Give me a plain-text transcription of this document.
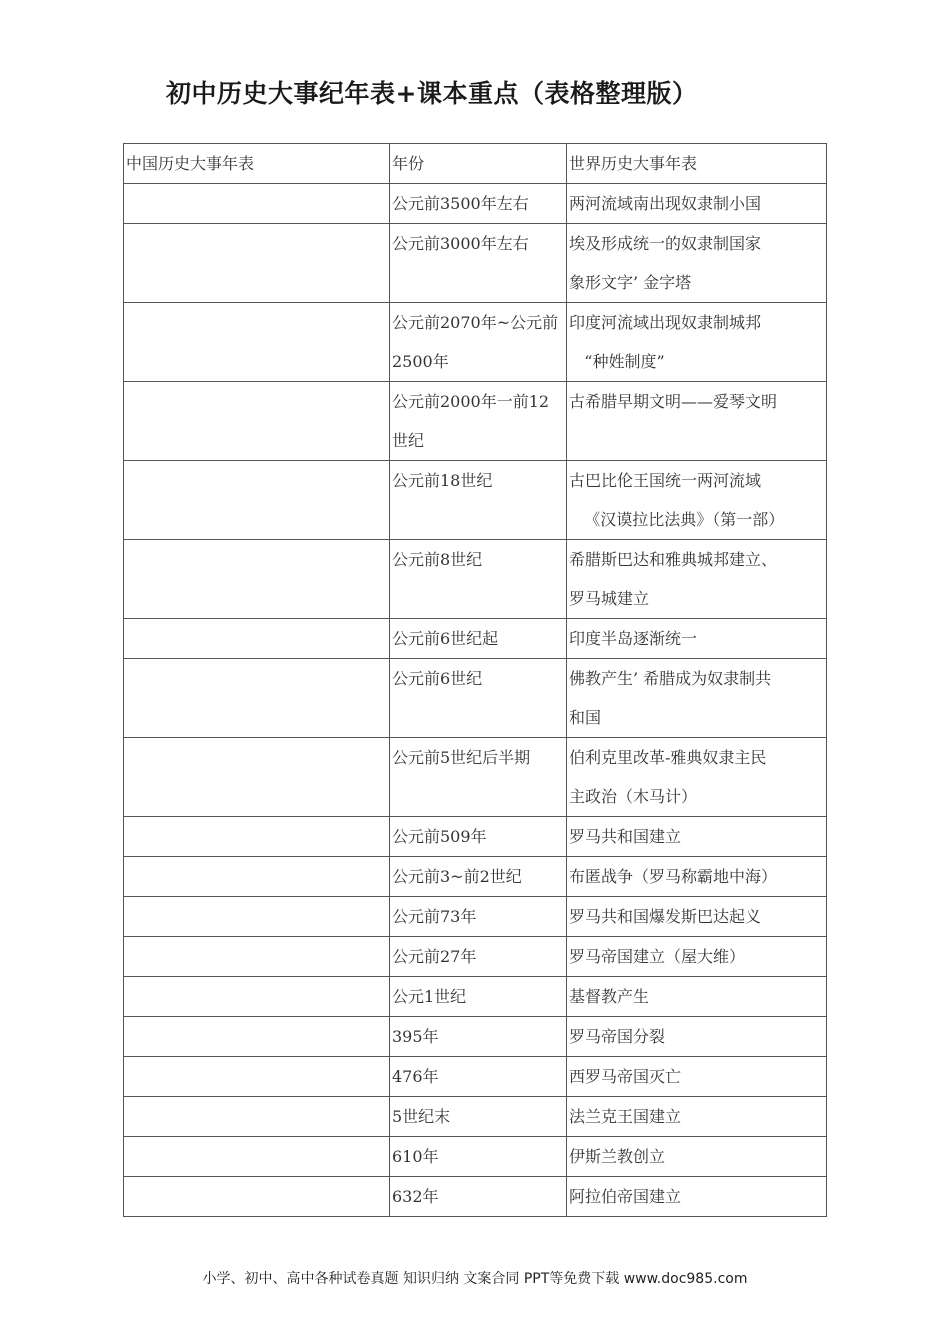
初中历史大事纪年表+课本重点（表格整理版）
中国历史大事年表	年份	世界历史大事年表

	公元前3500年左右	两河流域南出现奴隶制小国

	公元前3000年左右	埃及形成统一的奴隶制国家
象形文字’ 金字塔

	公元前2070年~公元前2500年	印度河流域出现奴隶制城邦
“种姓制度”

	公元前2000年一前12世纪	古希腊早期文明——爱琴文明

	公元前18世纪	古巴比伦王国统一两河流域
《汉谟拉比法典》（第一部）

	公元前8世纪	希腊斯巴达和雅典城邦建立、
罗马城建立

	公元前6世纪起	印度半岛逐渐统一

	公元前6世纪	佛教产生’ 希腊成为奴隶制共
和国

	公元前5世纪后半期	伯利克里改革-雅典奴隶主民
主政治（木马计）

	公元前509年	罗马共和国建立

	公元前3~前2世纪	布匿战争（罗马称霸地中海）

	公元前73年	罗马共和国爆发斯巴达起义

	公元前27年	罗马帝国建立（屋大维）

	公元1世纪	基督教产生

	395年	罗马帝国分裂

	476年	西罗马帝国灭亡

	5世纪末	法兰克王国建立

	610年	伊斯兰教创立

	632年	阿拉伯帝国建立
小学、初中、高中各种试卷真题 知识归纳 文案合同 PPT等免费下载 www.doc985.com
